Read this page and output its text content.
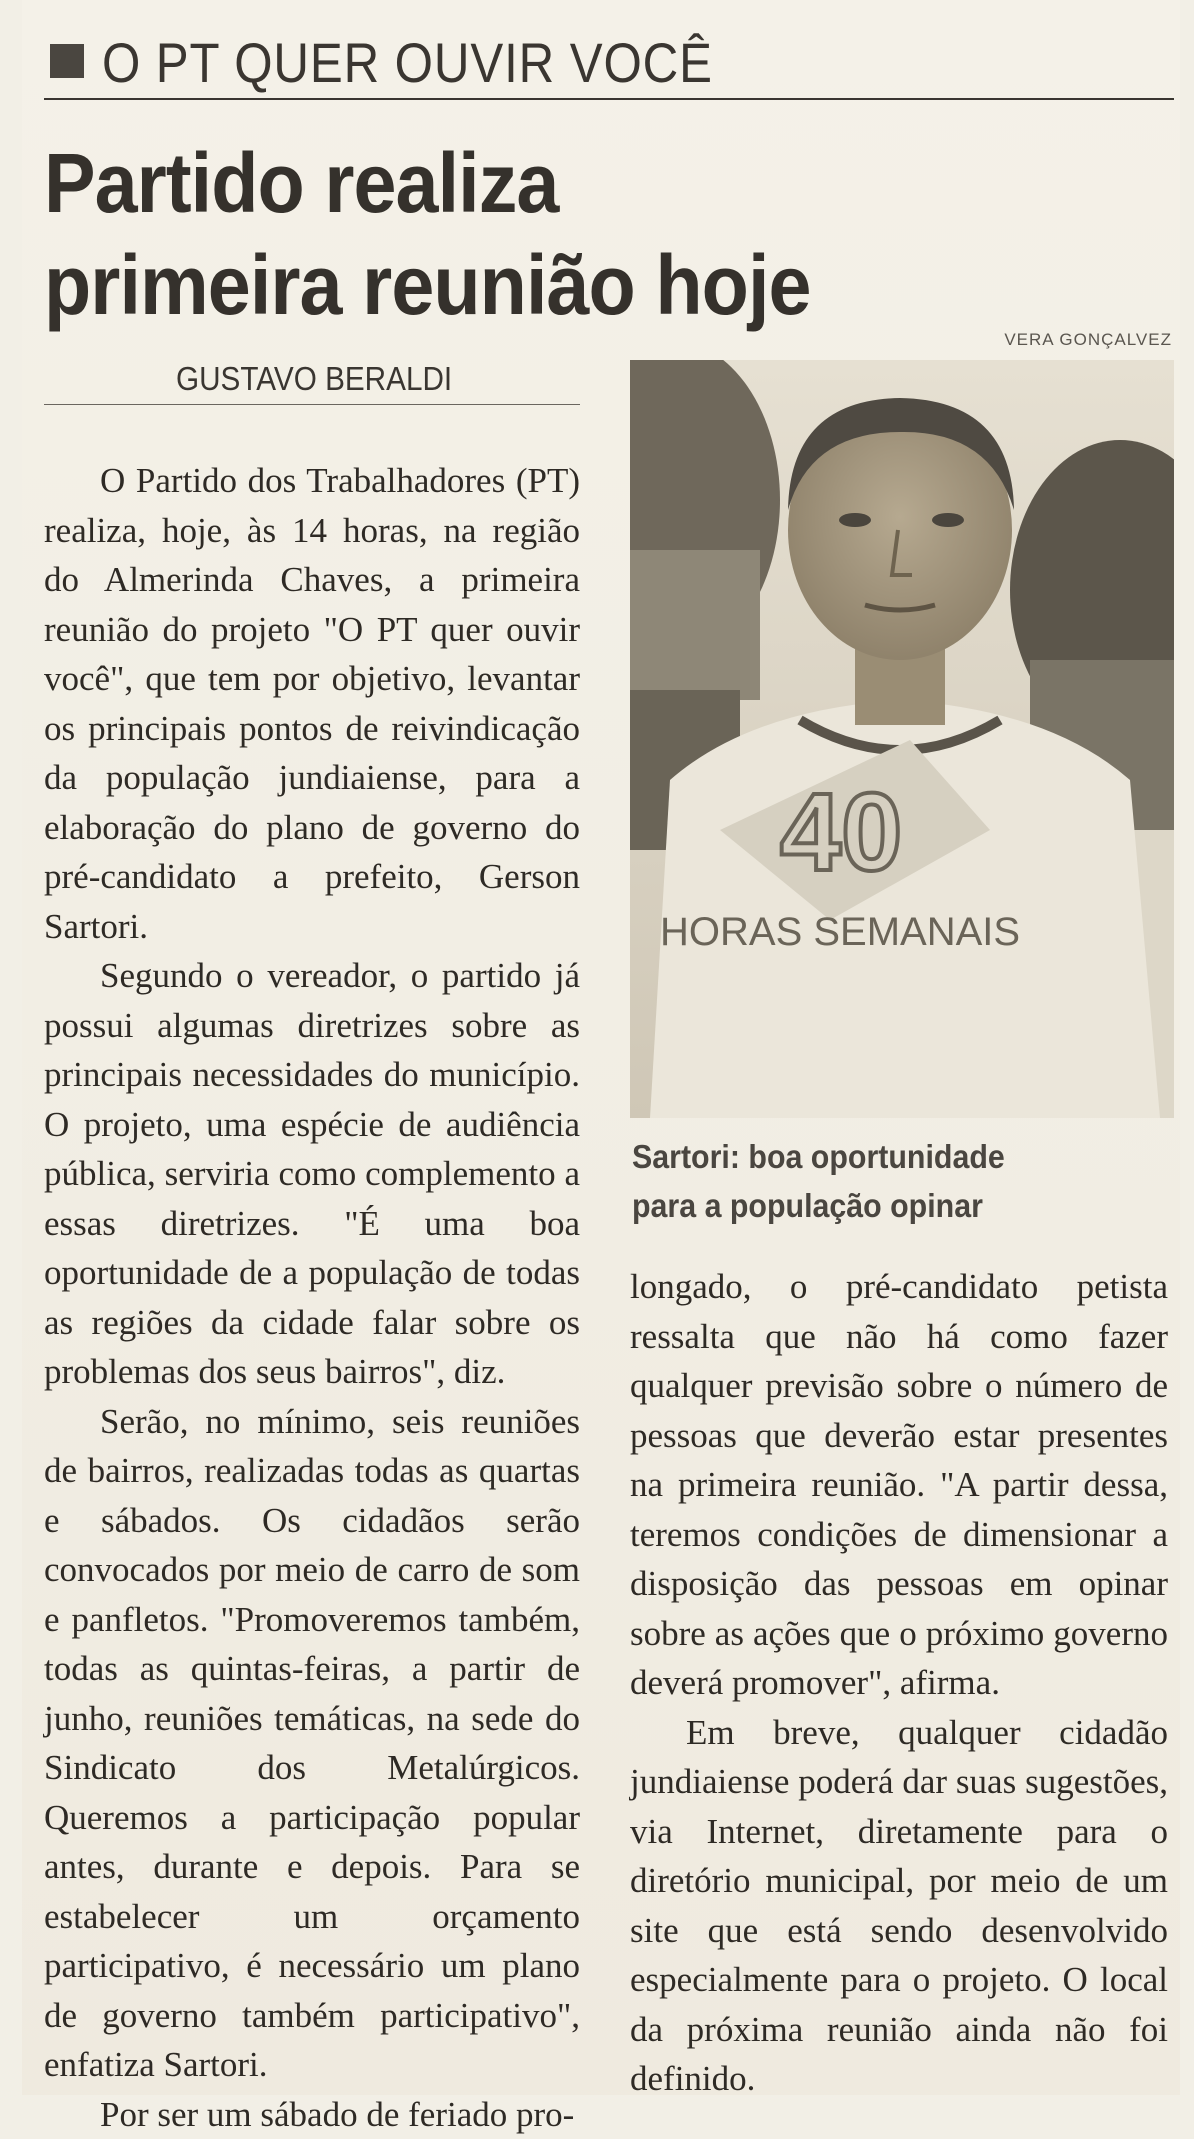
O PT QUER OUVIR VOCÊ
Partido realiza
primeira reunião hoje
VERA GONÇALVEZ
GUSTAVO BERALDI

O Partido dos Trabalhadores (PT) realiza, hoje, às 14 horas, na região do Almerinda Chaves, a primeira reunião do projeto "O PT quer ouvir você", que tem por objetivo, levantar os principais pontos de reivindicação da população jundiaiense, para a elaboração do plano de governo do pré-candidato a prefeito, Gerson Sartori.

Segundo o vereador, o partido já possui algumas diretrizes sobre as principais necessidades do município. O projeto, uma espécie de audiência pública, serviria como complemento a essas diretrizes. "É uma boa oportunidade de a população de todas as regiões da cidade falar sobre os problemas dos seus bairros", diz.

Serão, no mínimo, seis reuniões de bairros, realizadas todas as quartas e sábados. Os cidadãos serão convocados por meio de carro de som e panfletos. "Promoveremos também, todas as quintas-feiras, a partir de junho, reuniões temáticas, na sede do Sindicato dos Metalúrgicos. Queremos a participação popular antes, durante e depois. Para se estabelecer um orçamento participativo, é necessário um plano de governo também participativo", enfatiza Sartori.

Por ser um sábado de feriado pro-

40
HORAS SEMANAIS
Sartori: boa oportunidade
para a população opinar

longado, o pré-candidato petista ressalta que não há como fazer qualquer previsão sobre o número de pessoas que deverão estar presentes na primeira reunião. "A partir dessa, teremos condições de dimensionar a disposição das pessoas em opinar sobre as ações que o próximo governo deverá promover", afirma.

Em breve, qualquer cidadão jundiaiense poderá dar suas sugestões, via Internet, diretamente para o diretório municipal, por meio de um site que está sendo desenvolvido especialmente para o projeto. O local da próxima reunião ainda não foi definido.
